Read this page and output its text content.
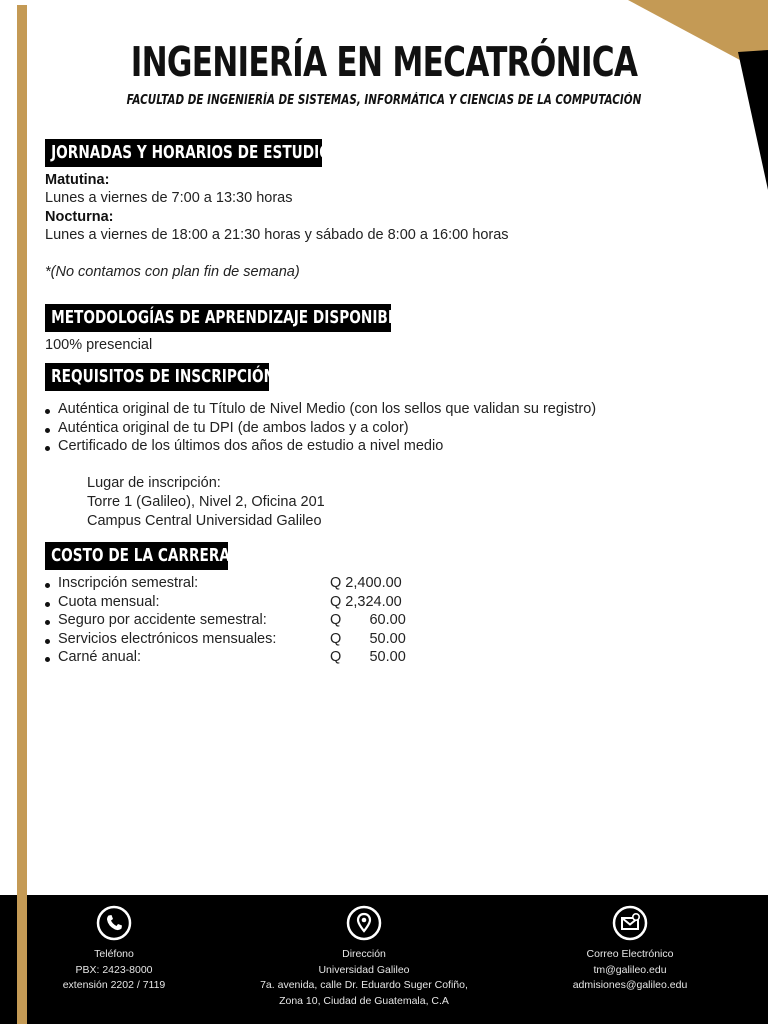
INGENIERÍA EN MECATRÓNICA
FACULTAD DE INGENIERÍA DE SISTEMAS, INFORMÁTICA Y CIENCIAS DE LA COMPUTACIÓN
JORNADAS Y HORARIOS DE ESTUDIOS:
Matutina:
Lunes a viernes de 7:00 a 13:30 horas
Nocturna:
Lunes a viernes de 18:00 a 21:30 horas y sábado de 8:00 a 16:00 horas
*(No contamos con plan fin de semana)
METODOLOGÍAS DE APRENDIZAJE DISPONIBLES:
100% presencial
REQUISITOS DE INSCRIPCIÓN:
Auténtica original de tu Título de Nivel Medio (con los sellos que validan su registro)
Auténtica original de tu DPI (de ambos lados y a color)
Certificado de los últimos dos años de estudio a nivel medio
Lugar de inscripción:
Torre 1 (Galileo), Nivel 2, Oficina 201
Campus Central Universidad Galileo
COSTO DE LA CARRERA:
Inscripción semestral:	Q 2,400.00
Cuota mensual:	Q 2,324.00
Seguro por accidente semestral:	Q       60.00
Servicios electrónicos mensuales:	Q       50.00
Carné anual:	Q       50.00
Teléfono
PBX: 2423-8000
extensión 2202 / 7119
Dirección
Universidad Galileo
7a. avenida, calle Dr. Eduardo Suger Cofiño,
Zona 10, Ciudad de Guatemala, C.A
Correo Electrónico
tm@galileo.edu
admisiones@galileo.edu
